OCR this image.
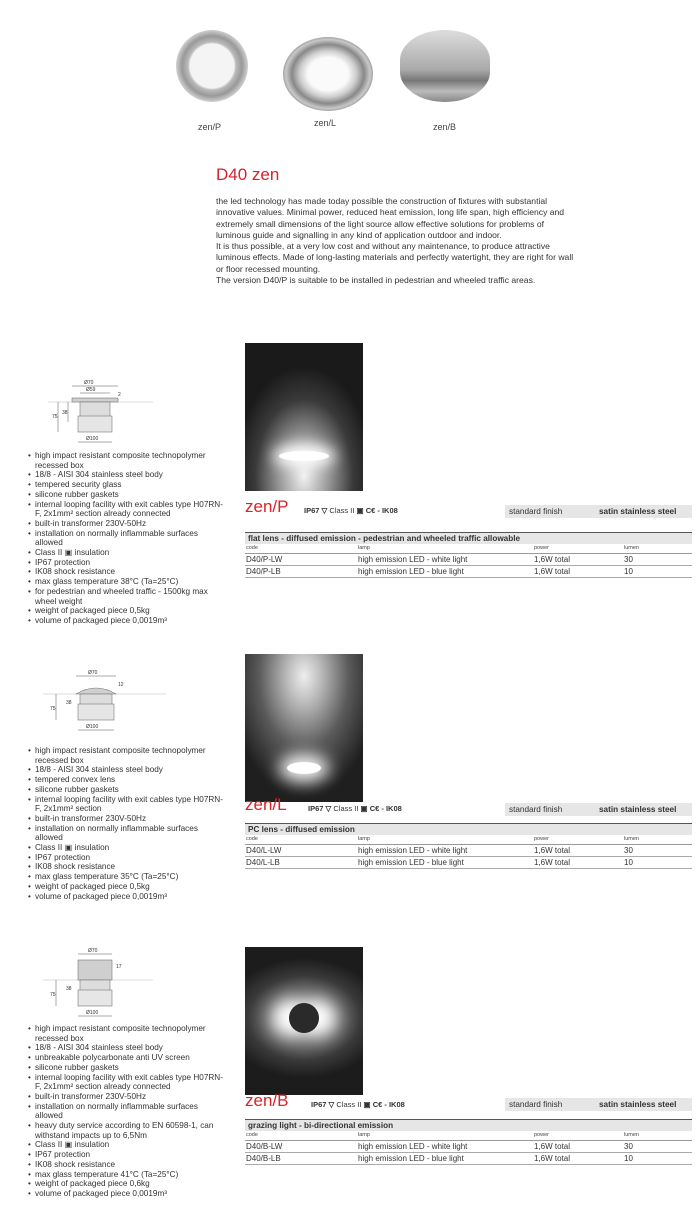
zen/P	zen/L	zen/B
D40 zen

the led technology has made today possible the construction of fixtures with substantial innovative values. Minimal power, reduced heat emission, long life span, high efficiency and extremely small dimensions of the light source allow effective solutions for problems of luminous guide and signalling in any kind of application outdoor and indoor.

It is thus possible, at a very low cost and without any maintenance, to produce attractive luminous effects. Made of long-lasting materials and perfectly watertight, they are right for wall or floor recessed mounting.

The version D40/P is suitable to be installed in pedestrian and wheeled traffic areas.

Ø70
Ø59
2
38
75
Ø100
• high impact resistant composite technopolymer recessed box
• 18/8 - AISI 304 stainless steel body
• tempered security glass
• silicone rubber gaskets
• internal looping facility with exit cables type H07RN-F, 2x1mm² section already connected
• built-in transformer 230V-50Hz
• installation on normally inflammable surfaces allowed
• Class II ▣ insulation
• IP67 protection
• IK08 shock resistance
• max glass temperature 38°C (Ta=25°C)
• for pedestrian and wheeled traffic - 1500kg max wheel weight
• weight of packaged piece 0,5kg
• volume of packaged piece 0,0019m³
zen/P IP67 ▽ Class II ▣ C€ - IK08	standard finish	satin stainless steel
flat lens - diffused emission - pedestrian and wheeled traffic allowable
code	lamp	power	lumen
D40/P-LW	high emission LED - white light	1,6W total	30
D40/P-LB	high emission LED - blue light	1,6W total	10
Ø70
12
38
75
Ø100
• high impact resistant composite technopolymer recessed box
• 18/8 - AISI 304 stainless steel body
• tempered convex lens
• silicone rubber gaskets
• internal looping facility with exit cables type H07RN-F, 2x1mm² section
• built-in transformer 230V-50Hz
• installation on normally inflammable surfaces allowed
• Class II ▣ insulation
• IP67 protection
• IK08 shock resistance
• max glass temperature 35°C (Ta=25°C)
• weight of packaged piece 0,5kg
• volume of packaged piece 0,0019m³
zen/L	IP67 ▽ Class II ▣ C€ - IK08	standard finish	satin stainless steel
PC lens - diffused emission
code	lamp	power	lumen
D40/L-LW	high emission LED - white light	1,6W total	30
D40/L-LB	high emission LED - blue light	1,6W total	10
Ø70
17
38
75
Ø100
• high impact resistant composite technopolymer recessed box
• 18/8 - AISI 304 stainless steel body
• unbreakable polycarbonate anti UV screen
• silicone rubber gaskets
• internal looping facility with exit cables type H07RN-F, 2x1mm² section already connected
• built-in transformer 230V-50Hz
• installation on normally inflammable surfaces allowed
• heavy duty service according to EN 60598-1, can withstand impacts up to 6,5Nm
• Class II ▣ insulation
• IP67 protection
• IK08 shock resistance
• max glass temperature 41°C (Ta=25°C)
• weight of packaged piece 0,6kg
• volume of packaged piece 0,0019m³
zen/B	IP67 ▽ Class II ▣ C€ - IK08	standard finish	satin stainless steel
grazing light - bi-directional emission
code	lamp	power	lumen
D40/B-LW	high emission LED - white light	1,6W total	30
D40/B-LB	high emission LED - blue light	1,6W total	10
